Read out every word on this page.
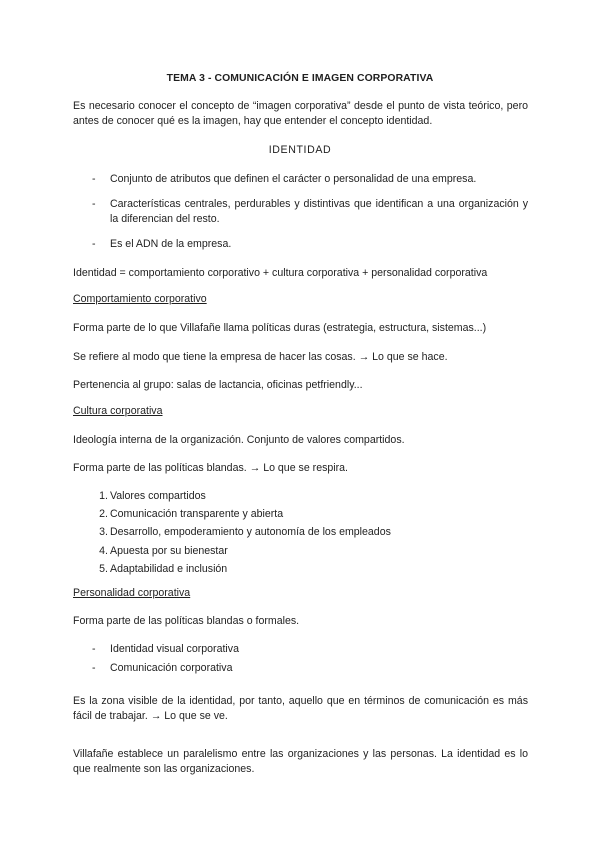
TEMA 3 - COMUNICACIÓN E IMAGEN CORPORATIVA
Es necesario conocer el concepto de “imagen corporativa” desde el punto de vista teórico, pero antes de conocer qué es la imagen, hay que entender el concepto identidad.
IDENTIDAD
- Conjunto de atributos que definen el carácter o personalidad de una empresa.
- Características centrales, perdurables y distintivas que identifican a una organización y la diferencian del resto.
- Es el ADN de la empresa.
Identidad = comportamiento corporativo + cultura corporativa + personalidad corporativa
Comportamiento corporativo
Forma parte de lo que Villafañe llama políticas duras (estrategia, estructura, sistemas...)
Se refiere al modo que tiene la empresa de hacer las cosas. → Lo que se hace.
Pertenencia al grupo: salas de lactancia, oficinas petfriendly...
Cultura corporativa
Ideología interna de la organización. Conjunto de valores compartidos.
Forma parte de las políticas blandas. → Lo que se respira.
1. Valores compartidos
2. Comunicación transparente y abierta
3. Desarrollo, empoderamiento y autonomía de los empleados
4. Apuesta por su bienestar
5. Adaptabilidad e inclusión
Personalidad corporativa
Forma parte de las políticas blandas o formales.
- Identidad visual corporativa
- Comunicación corporativa
Es la zona visible de la identidad, por tanto, aquello que en términos de comunicación es más fácil de trabajar. → Lo que se ve.
Villafañe establece un paralelismo entre las organizaciones y las personas. La identidad es lo que realmente son las organizaciones.
